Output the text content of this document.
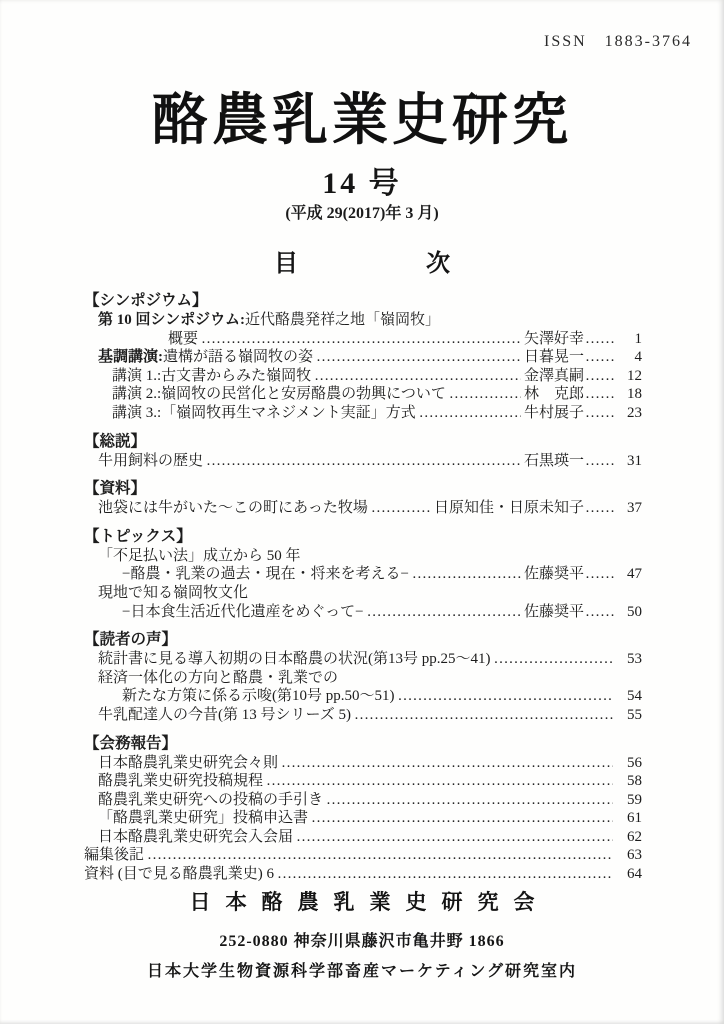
ISSN　1883-3764
酪農乳業史研究
14 号
(平成 29(2017)年 3 月)
目	次
【シンポジウム】
第 10 回シンポジウム: 近代酪農発祥之地「嶺岡牧」
概要 ……………………………………………………………………………………………………………………………………	矢澤好幸 ……	1
基調講演: 遺構が語る嶺岡牧の姿 ……………………………………………………………………………………………………………………………………	日暮晃一 ……	4
講演 1.:古文書からみた嶺岡牧 ……………………………………………………………………………………………………………………………………	金澤真嗣 ……	12
講演 2.:嶺岡牧の民営化と安房酪農の勃興について ……………………………………………………………………………………………………………………………………	林　克郎 ……	18
講演 3.:「嶺岡牧再生マネジメント実証」方式 ……………………………………………………………………………………………………………………………………	牛村展子 ……	23
【総説】
牛用飼料の歴史 ……………………………………………………………………………………………………………………………………	石黒瑛一 ……	31
【資料】
池袋には牛がいた〜この町にあった牧場 ……………………………………………………………………………………………………………………………………	日原知佳・日原未知子 ……	37
【トピックス】
「不足払い法」成立から 50 年
−酪農・乳業の過去・現在・将来を考える− ……………………………………………………………………………………………………………………………………	佐藤奨平 ……	47
現地で知る嶺岡牧文化
−日本食生活近代化遺産をめぐって− ……………………………………………………………………………………………………………………………………	佐藤奨平 ……	50
【読者の声】
統計書に見る導入初期の日本酪農の状況(第13号 pp.25〜41) ……………………………………………………………………………………………………………………………………	53
経済一体化の方向と酪農・乳業での
新たな方策に係る示唆(第10号 pp.50〜51) ……………………………………………………………………………………………………………………………………	54
牛乳配達人の今昔(第 13 号シリーズ 5) ……………………………………………………………………………………………………………………………………	55
【会務報告】
日本酪農乳業史研究会々則 ……………………………………………………………………………………………………………………………………	56
酪農乳業史研究投稿規程 ……………………………………………………………………………………………………………………………………	58
酪農乳業史研究への投稿の手引き ……………………………………………………………………………………………………………………………………	59
「酪農乳業史研究」投稿申込書 ……………………………………………………………………………………………………………………………………	61
日本酪農乳業史研究会入会届 ……………………………………………………………………………………………………………………………………	62
編集後記 ……………………………………………………………………………………………………………………………………	63
資料 (目で見る酪農乳業史) 6 ……………………………………………………………………………………………………………………………………	64
日本酪農乳業史研究会
252-0880 神奈川県藤沢市亀井野 1866
日本大学生物資源科学部畜産マーケティング研究室内
